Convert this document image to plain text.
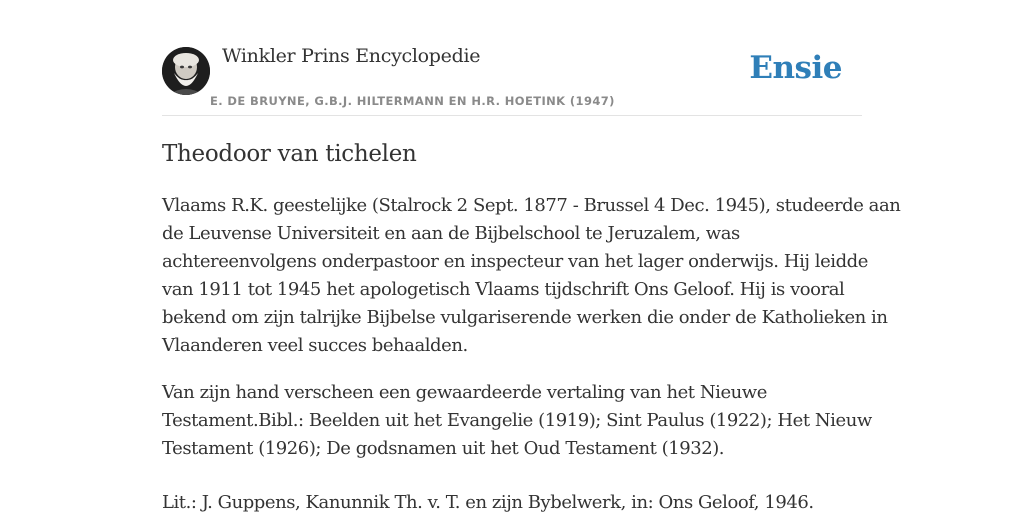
Winkler Prins Encyclopedie
E. DE BRUYNE, G.B.J. HILTERMANN EN H.R. HOETINK (1947)
Ensie
Theodoor van tichelen

Vlaams R.K. geestelijke (Stalrock 2 Sept. 1877 - Brussel 4 Dec. 1945), studeerde aan
de Leuvense Universiteit en aan de Bijbelschool te Jeruzalem, was
achtereenvolgens onderpastoor en inspecteur van het lager onderwijs. Hij leidde
van 1911 tot 1945 het apologetisch Vlaams tijdschrift Ons Geloof. Hij is vooral
bekend om zijn talrijke Bijbelse vulgariserende werken die onder de Katholieken in
Vlaanderen veel succes behaalden.

Van zijn hand verscheen een gewaardeerde vertaling van het Nieuwe
Testament.Bibl.: Beelden uit het Evangelie (1919); Sint Paulus (1922); Het Nieuw
Testament (1926); De godsnamen uit het Oud Testament (1932).

Lit.: J. Guppens, Kanunnik Th. v. T. en zijn Bybelwerk, in: Ons Geloof, 1946.
